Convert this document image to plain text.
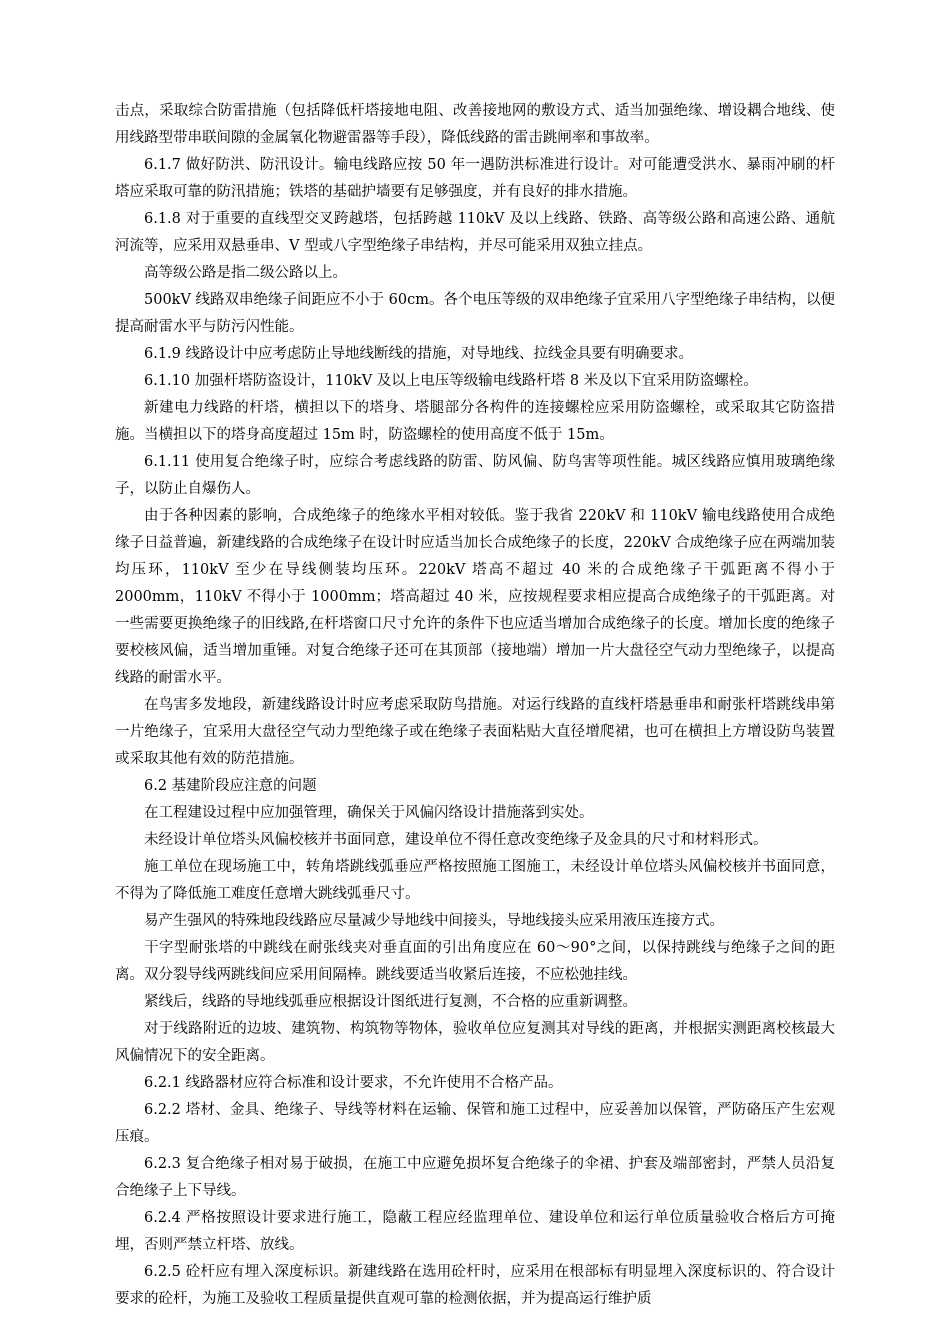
击点，采取综合防雷措施（包括降低杆塔接地电阻、改善接地网的敷设方式、适当加强绝缘、增设耦合地线、使用线路型带串联间隙的金属氧化物避雷器等手段），降低线路的雷击跳闸率和事故率。

6.1.7 做好防洪、防汛设计。输电线路应按 50 年一遇防洪标准进行设计。对可能遭受洪水、暴雨冲刷的杆塔应采取可靠的防汛措施；铁塔的基础护墙要有足够强度，并有良好的排水措施。

6.1.8 对于重要的直线型交叉跨越塔，包括跨越 110kV 及以上线路、铁路、高等级公路和高速公路、通航河流等，应采用双悬垂串、V 型或八字型绝缘子串结构，并尽可能采用双独立挂点。

高等级公路是指二级公路以上。

500kV 线路双串绝缘子间距应不小于 60cm。各个电压等级的双串绝缘子宜采用八字型绝缘子串结构，以便提高耐雷水平与防污闪性能。

6.1.9 线路设计中应考虑防止导地线断线的措施，对导地线、拉线金具要有明确要求。

6.1.10 加强杆塔防盗设计，110kV 及以上电压等级输电线路杆塔 8 米及以下宜采用防盗螺栓。

新建电力线路的杆塔，横担以下的塔身、塔腿部分各构件的连接螺栓应采用防盗螺栓，或采取其它防盗措施。当横担以下的塔身高度超过 15m 时，防盗螺栓的使用高度不低于 15m。

6.1.11 使用复合绝缘子时，应综合考虑线路的防雷、防风偏、防鸟害等项性能。城区线路应慎用玻璃绝缘子，以防止自爆伤人。

由于各种因素的影响，合成绝缘子的绝缘水平相对较低。鉴于我省 220kV 和 110kV 输电线路使用合成绝缘子日益普遍，新建线路的合成绝缘子在设计时应适当加长合成绝缘子的长度，220kV 合成绝缘子应在两端加装均压环，110kV 至少在导线侧装均压环。220kV 塔高不超过 40 米的合成绝缘子干弧距离不得小于 2000mm，110kV 不得小于 1000mm；塔高超过 40 米，应按规程要求相应提高合成绝缘子的干弧距离。对一些需要更换绝缘子的旧线路,在杆塔窗口尺寸允许的条件下也应适当增加合成绝缘子的长度。增加长度的绝缘子要校核风偏，适当增加重锤。对复合绝缘子还可在其顶部（接地端）增加一片大盘径空气动力型绝缘子，以提高线路的耐雷水平。

在鸟害多发地段，新建线路设计时应考虑采取防鸟措施。对运行线路的直线杆塔悬垂串和耐张杆塔跳线串第一片绝缘子，宜采用大盘径空气动力型绝缘子或在绝缘子表面粘贴大直径增爬裙，也可在横担上方增设防鸟装置或采取其他有效的防范措施。

6.2 基建阶段应注意的问题

在工程建设过程中应加强管理，确保关于风偏闪络设计措施落到实处。

未经设计单位塔头风偏校核并书面同意，建设单位不得任意改变绝缘子及金具的尺寸和材料形式。

施工单位在现场施工中，转角塔跳线弧垂应严格按照施工图施工，未经设计单位塔头风偏校核并书面同意，不得为了降低施工难度任意增大跳线弧垂尺寸。

易产生强风的特殊地段线路应尽量减少导地线中间接头，导地线接头应采用液压连接方式。

干字型耐张塔的中跳线在耐张线夹对垂直面的引出角度应在 60～90°之间，以保持跳线与绝缘子之间的距离。双分裂导线两跳线间应采用间隔棒。跳线要适当收紧后连接，不应松弛挂线。

紧线后，线路的导地线弧垂应根据设计图纸进行复测，不合格的应重新调整。

对于线路附近的边坡、建筑物、构筑物等物体，验收单位应复测其对导线的距离，并根据实测距离校核最大风偏情况下的安全距离。

6.2.1 线路器材应符合标准和设计要求，不允许使用不合格产品。

6.2.2 塔材、金具、绝缘子、导线等材料在运输、保管和施工过程中，应妥善加以保管，严防硌压产生宏观压痕。

6.2.3 复合绝缘子相对易于破损，在施工中应避免损坏复合绝缘子的伞裙、护套及端部密封，严禁人员沿复合绝缘子上下导线。

6.2.4 严格按照设计要求进行施工，隐蔽工程应经监理单位、建设单位和运行单位质量验收合格后方可掩埋，否则严禁立杆塔、放线。

6.2.5 砼杆应有埋入深度标识。新建线路在选用砼杆时，应采用在根部标有明显埋入深度标识的、符合设计要求的砼杆，为施工及验收工程质量提供直观可靠的检测依据，并为提高运行维护质
